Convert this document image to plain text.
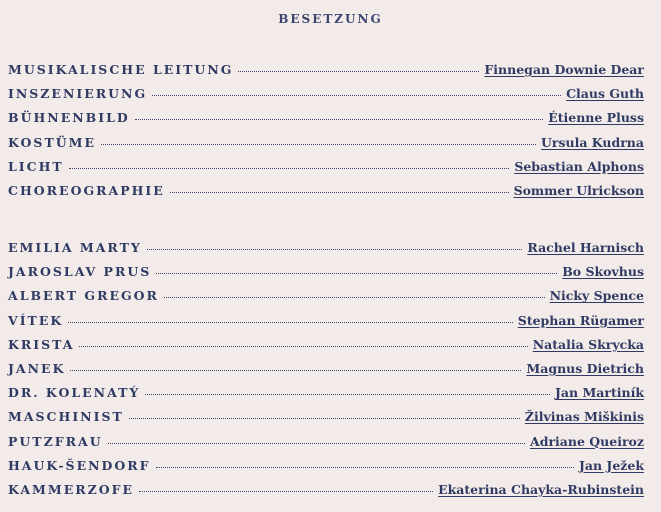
BESETZUNG
MUSIKALISCHE LEITUNG	Finnegan Downie Dear
INSZENIERUNG	Claus Guth
BÜHNENBILD	Étienne Pluss
KOSTÜME	Ursula Kudrna
LICHT	Sebastian Alphons
CHOREOGRAPHIE	Sommer Ulrickson
EMILIA MARTY	Rachel Harnisch
JAROSLAV PRUS	Bo Skovhus
ALBERT GREGOR	Nicky Spence
VÍTEK	Stephan Rügamer
KRISTA	Natalia Skrycka
JANEK	Magnus Dietrich
DR. KOLENATÝ	Jan Martiník
MASCHINIST	Žilvinas Miškinis
PUTZFRAU	Adriane Queiroz
HAUK-ŠENDORF	Jan Ježek
KAMMERZOFE	Ekaterina Chayka-Rubinstein
